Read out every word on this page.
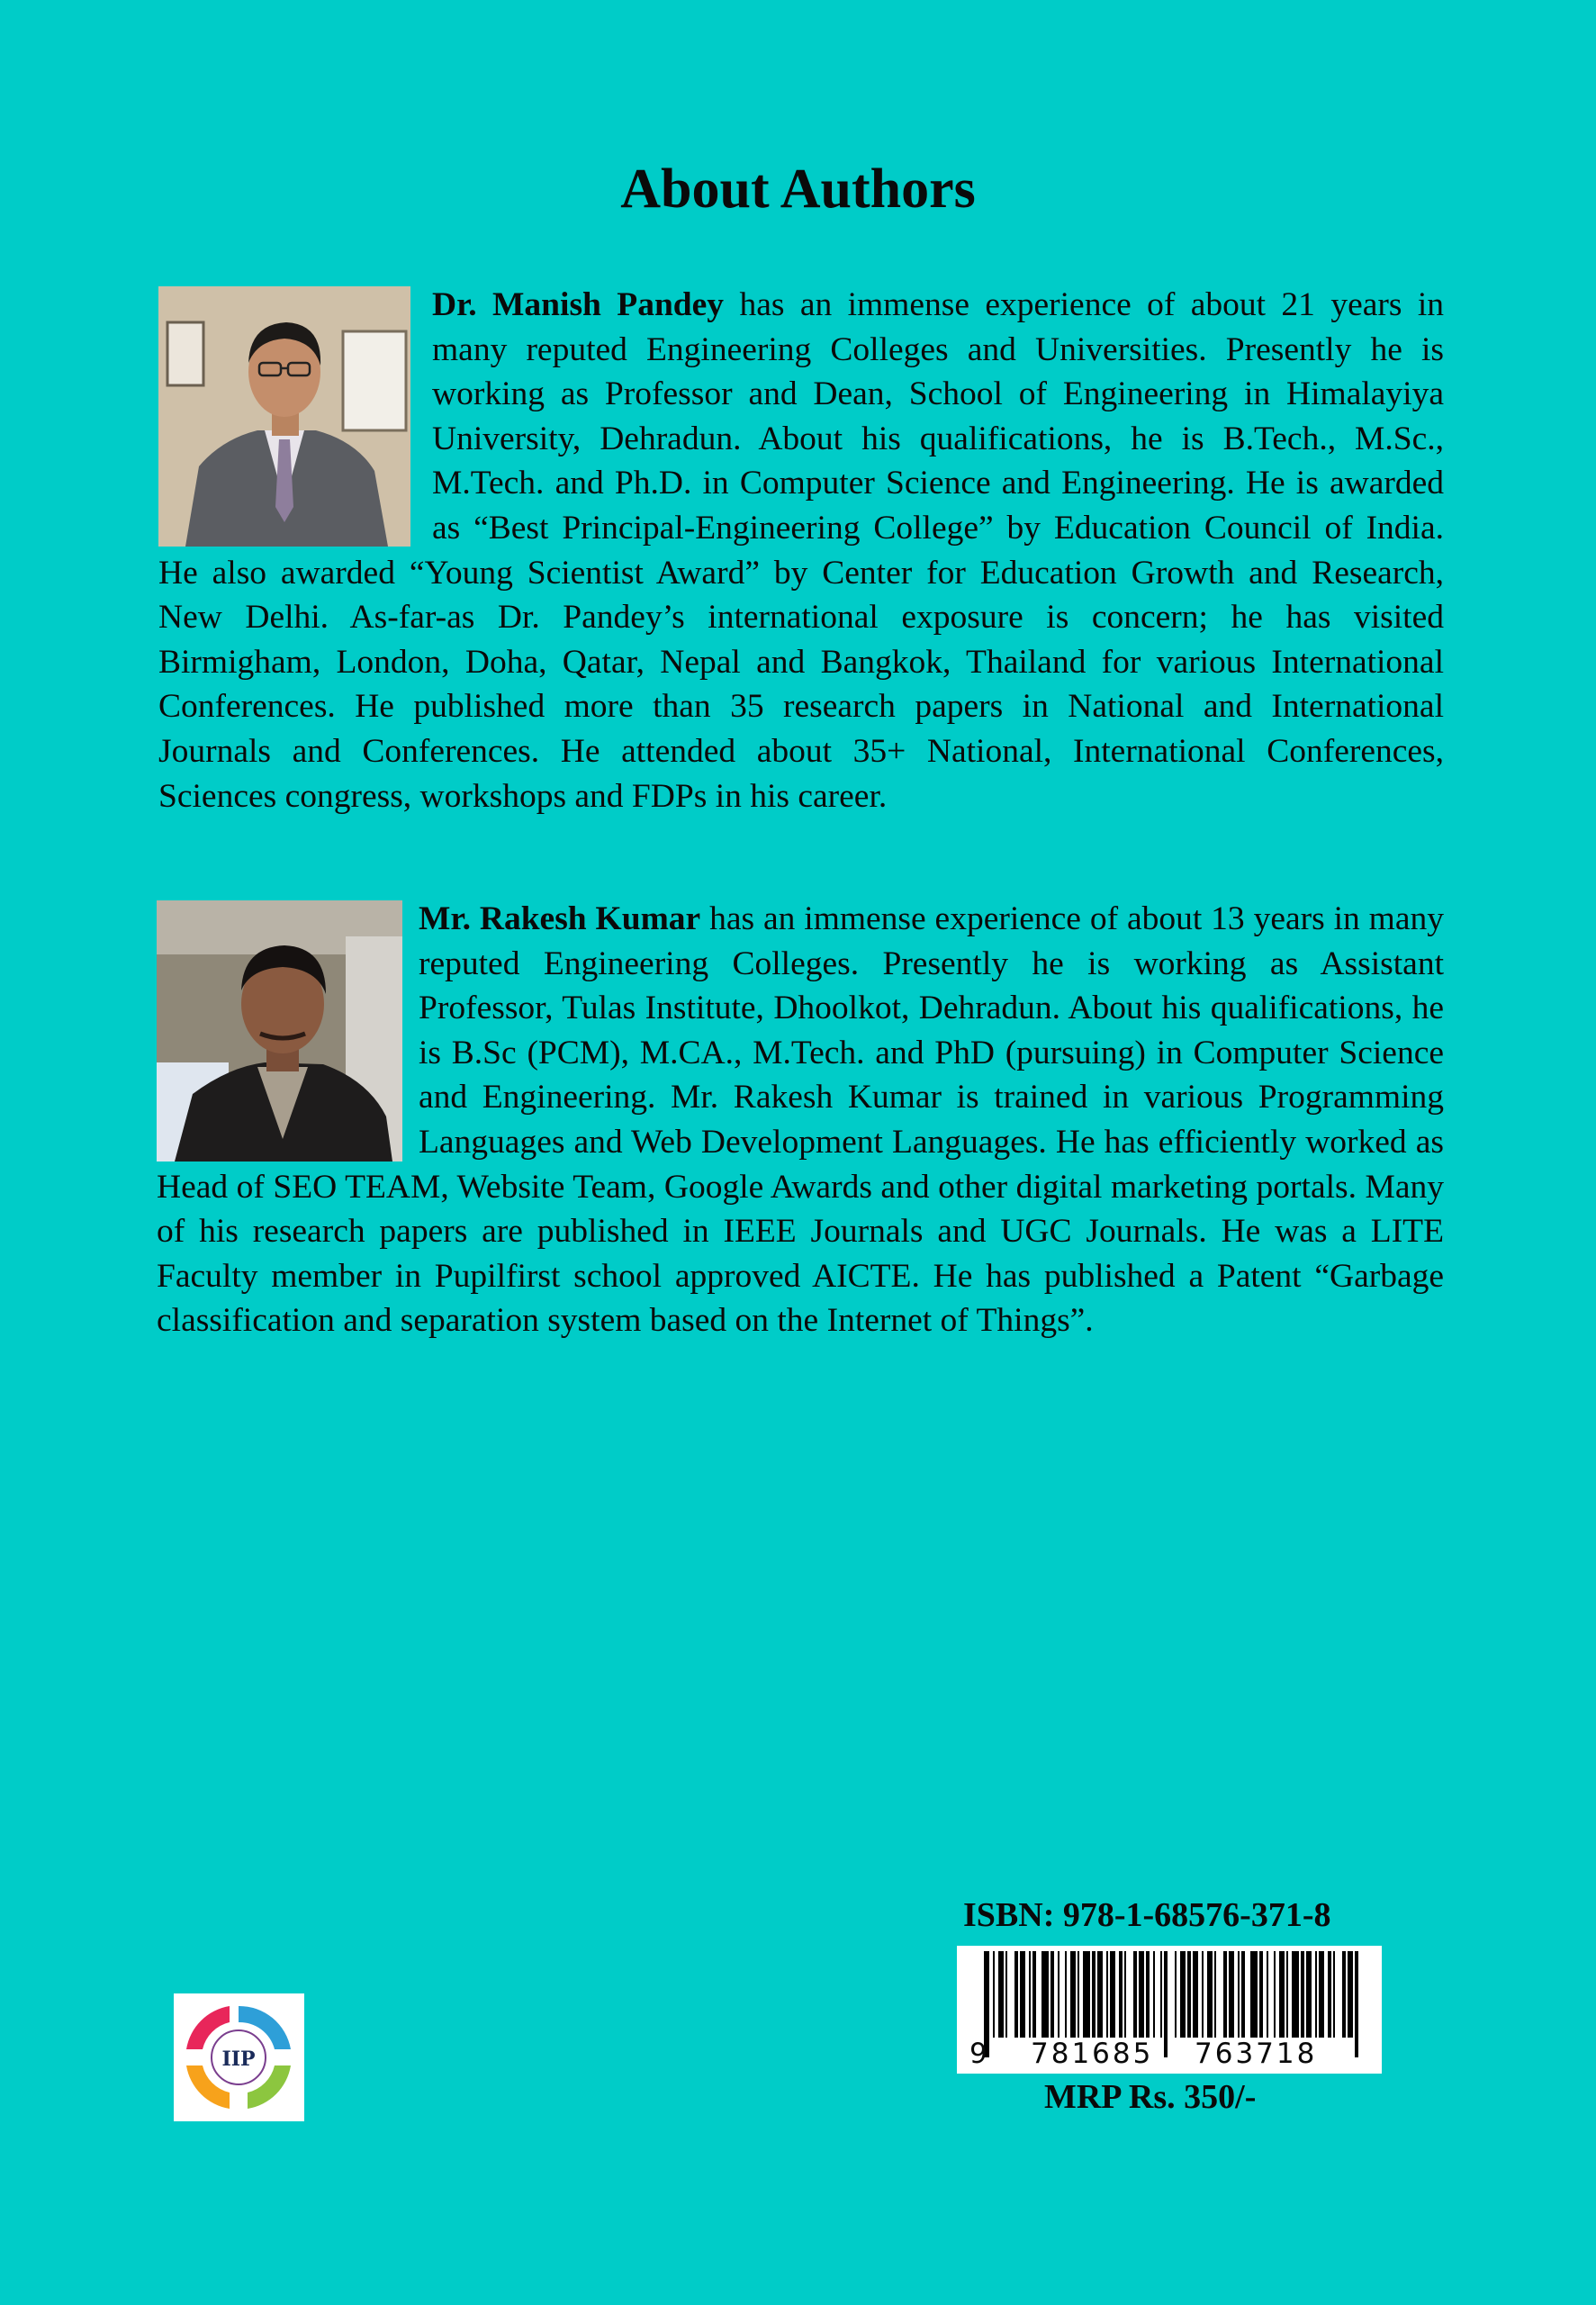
About Authors

Dr. Manish Pandey has an immense experience of about 21 years in many reputed Engineering Colleges and Universities. Presently he is working as Professor and Dean, School of Engineering in Himalayiya University, Dehradun. About his qualifications, he is B.Tech., M.Sc., M.Tech. and Ph.D. in Computer Science and Engineering. He is awarded as “Best Principal-Engineering College” by Education Council of India. He also awarded “Young Scientist Award” by Center for Education Growth and Research, New Delhi. As-far-as Dr. Pandey’s international exposure is concern; he has visited Birmigham, London, Doha, Qatar, Nepal and Bangkok, Thailand for various International Conferences. He published more than 35 research papers in National and International Journals and Conferences. He attended about 35+ National, International Conferences, Sciences congress, workshops and FDPs in his career.

Mr. Rakesh Kumar has an immense experience of about 13 years in many reputed Engineering Colleges. Presently he is working as Assistant Professor, Tulas Institute, Dhoolkot, Dehradun. About his qualifications, he is B.Sc (PCM), M.CA., M.Tech. and PhD (pursuing) in Computer Science and Engineering. Mr. Rakesh Kumar is trained in various Programming Languages and Web Development Languages. He has efficiently worked as Head of SEO TEAM, Website Team, Google Awards and other digital marketing portals. Many of his research papers are published in IEEE Journals and UGC Journals. He was a LITE Faculty member in Pupilfirst school approved AICTE. He has published a Patent “Garbage classification and separation system based on the Internet of Things”.

IIP

ISBN: 978-1-68576-371-8

9 781685 763718

MRP Rs. 350/-
